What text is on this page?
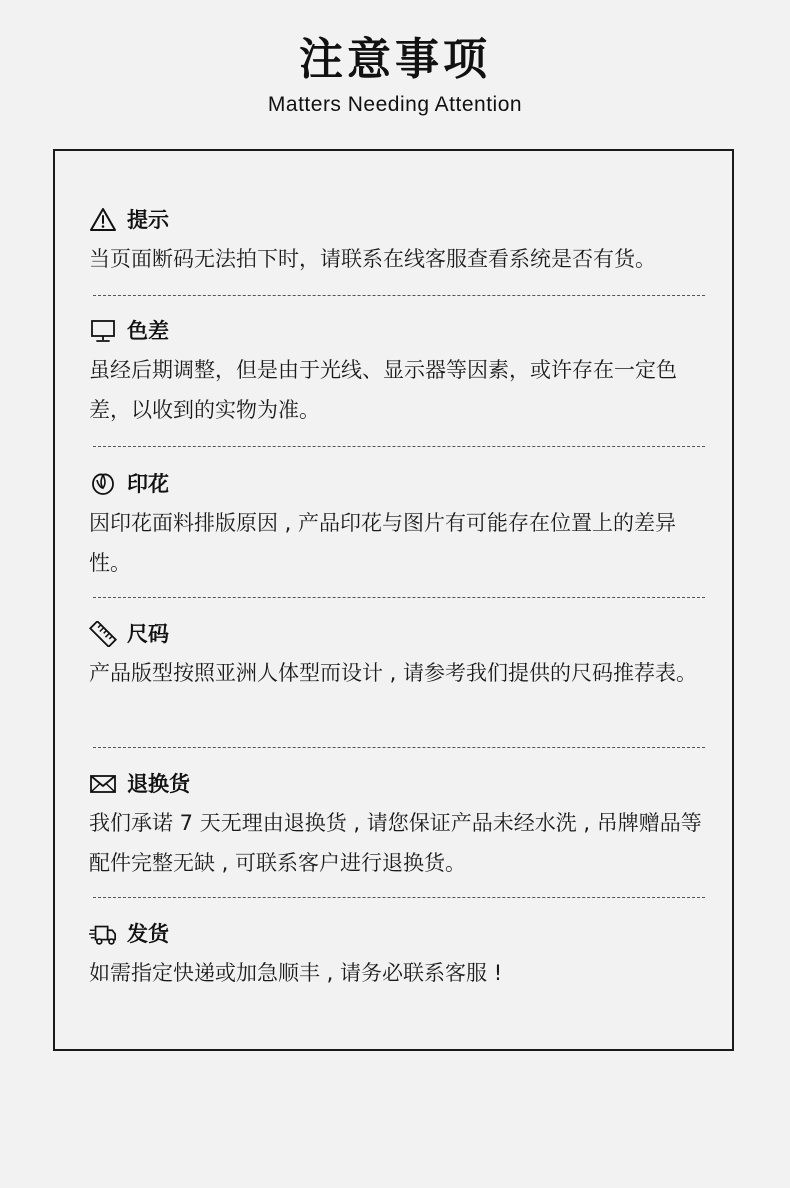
注意事项
Matters Needing Attention
提示
当页面断码无法拍下时，请联系在线客服查看系统是否有货。
色差
虽经后期调整，但是由于光线、显示器等因素，或许存在一定色差，以收到的实物为准。
印花
因印花面料排版原因 , 产品印花与图片有可能存在位置上的差异性。
尺码
产品版型按照亚洲人体型而设计 , 请参考我们提供的尺码推荐表。
退换货
我们承诺 7 天无理由退换货 , 请您保证产品未经水洗 , 吊牌赠品等配件完整无缺 , 可联系客户进行退换货。
发货
如需指定快递或加急顺丰 , 请务必联系客服 !
